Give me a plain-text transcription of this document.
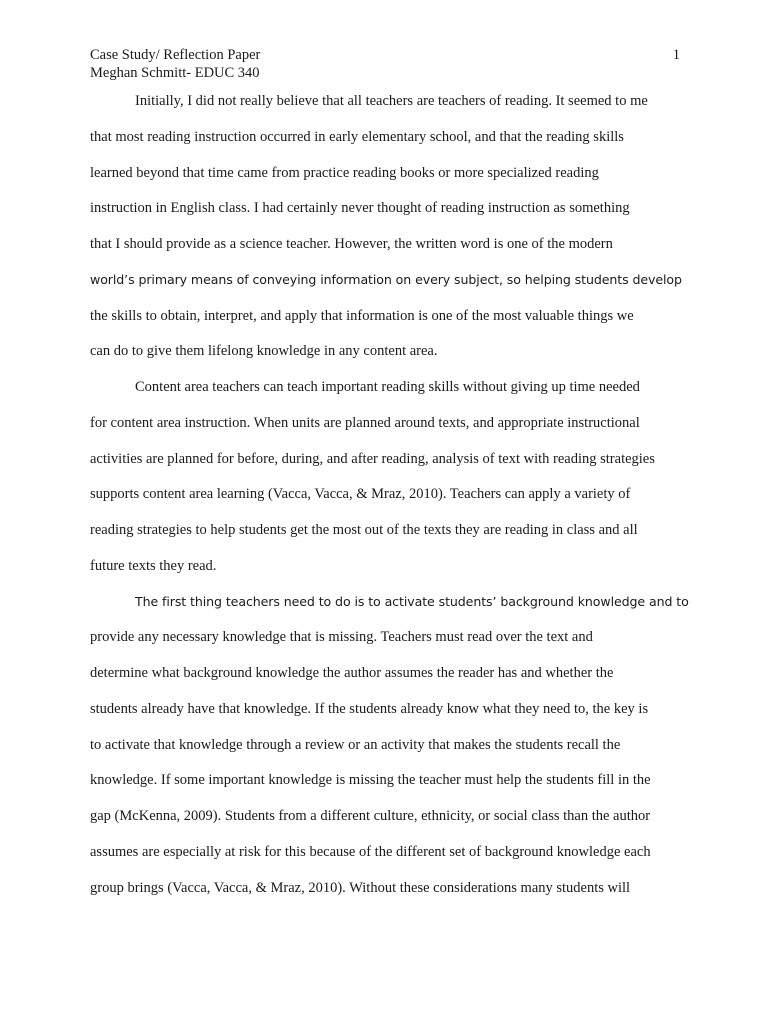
Case Study/ Reflection Paper
Meghan Schmitt- EDUC 340
1
Initially, I did not really believe that all teachers are teachers of reading. It seemed to me
that most reading instruction occurred in early elementary school, and that the reading skills
learned beyond that time came from practice reading books or more specialized reading
instruction in English class. I had certainly never thought of reading instruction as something
that I should provide as a science teacher. However, the written word is one of the modern
world’s primary means of conveying information on every subject, so helping students develop
the skills to obtain, interpret, and apply that information is one of the most valuable things we
can do to give them lifelong knowledge in any content area.
Content area teachers can teach important reading skills without giving up time needed
for content area instruction. When units are planned around texts, and appropriate instructional
activities are planned for before, during, and after reading, analysis of text with reading strategies
supports content area learning (Vacca, Vacca, & Mraz, 2010). Teachers can apply a variety of
reading strategies to help students get the most out of the texts they are reading in class and all
future texts they read.
The first thing teachers need to do is to activate students’ background knowledge and to
provide any necessary knowledge that is missing. Teachers must read over the text and
determine what background knowledge the author assumes the reader has and whether the
students already have that knowledge. If the students already know what they need to, the key is
to activate that knowledge through a review or an activity that makes the students recall the
knowledge. If some important knowledge is missing the teacher must help the students fill in the
gap (McKenna, 2009). Students from a different culture, ethnicity, or social class than the author
assumes are especially at risk for this because of the different set of background knowledge each
group brings (Vacca, Vacca, & Mraz, 2010). Without these considerations many students will
